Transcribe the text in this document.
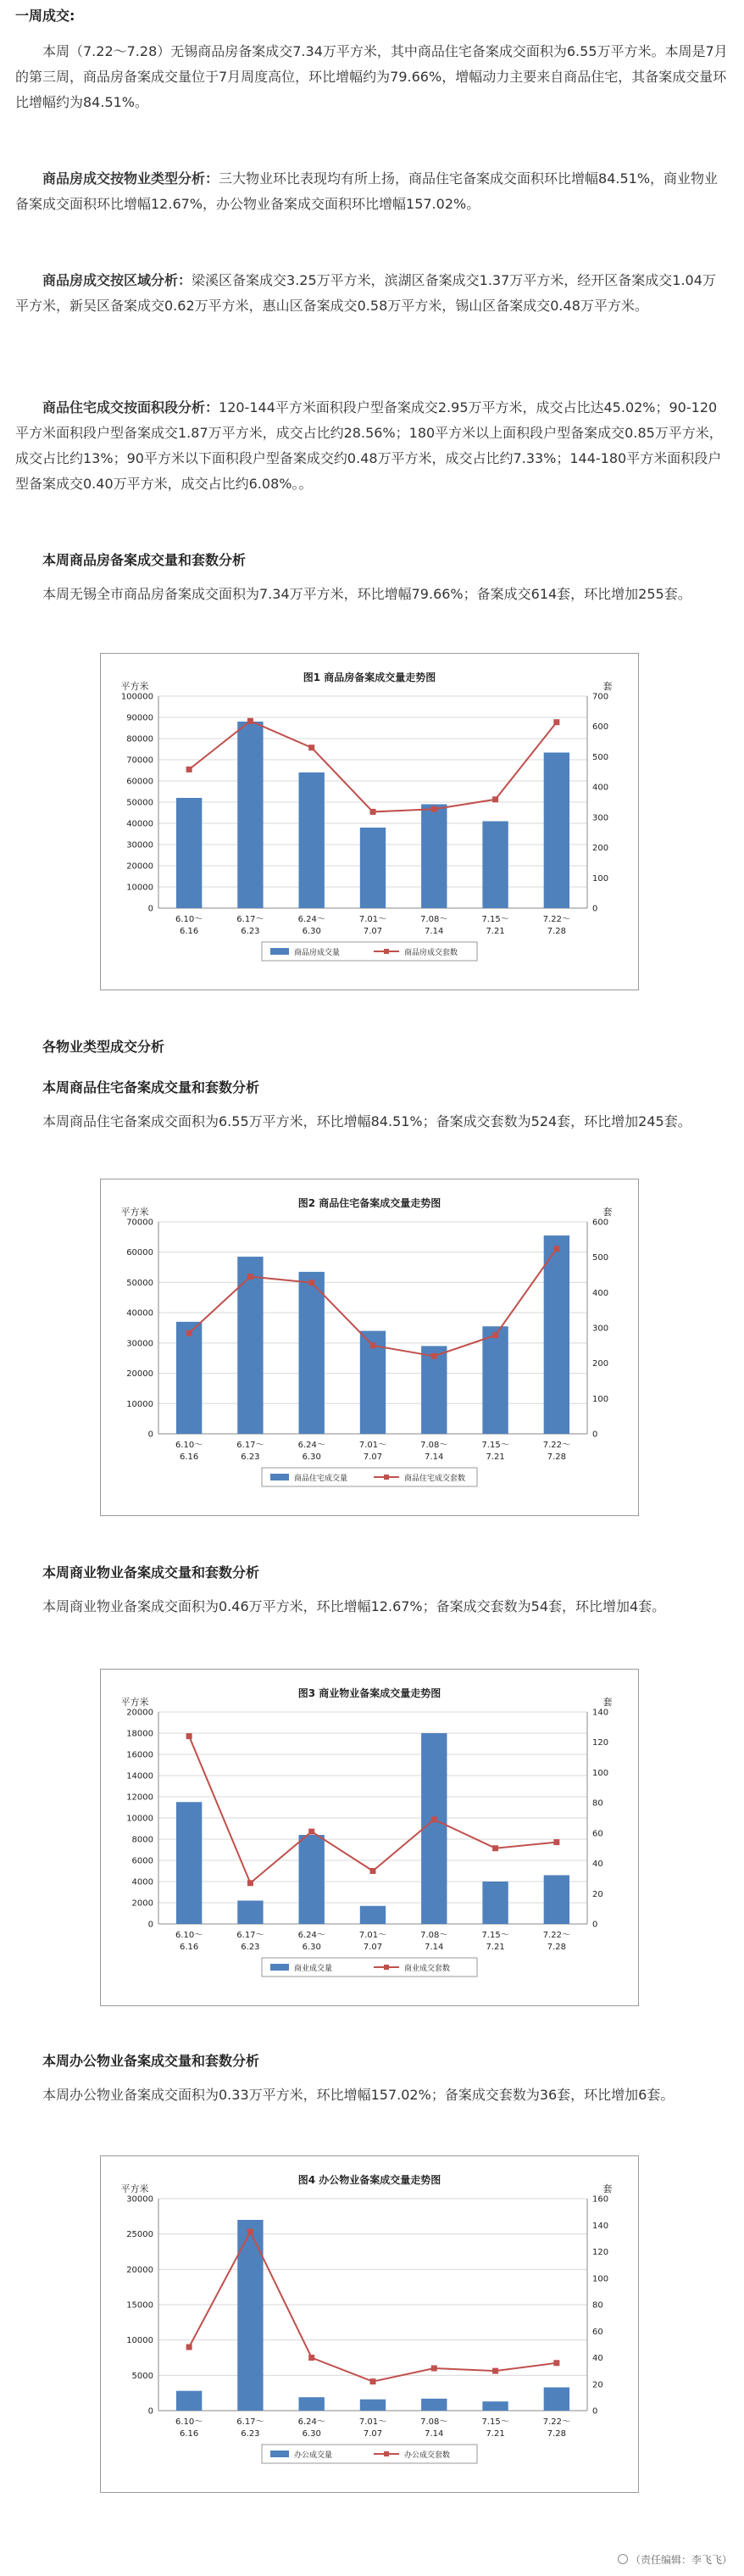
一周成交:
本周（7.22～7.28）无锡商品房备案成交7.34万平方米，其中商品住宅备案成交面积为6.55万平方米。本周是7月的第三周，商品房备案成交量位于7月周度高位，环比增幅约为79.66%，增幅动力主要来自商品住宅，其备案成交量环比增幅约为84.51%。
商品房成交按物业类型分析：三大物业环比表现均有所上扬，商品住宅备案成交面积环比增幅84.51%，商业物业备案成交面积环比增幅12.67%，办公物业备案成交面积环比增幅157.02%。
商品房成交按区域分析：梁溪区备案成交3.25万平方米，滨湖区备案成交1.37万平方米，经开区备案成交1.04万平方米，新吴区备案成交0.62万平方米，惠山区备案成交0.58万平方米，锡山区备案成交0.48万平方米。
商品住宅成交按面积段分析：120-144平方米面积段户型备案成交2.95万平方米，成交占比达45.02%；90-120平方米面积段户型备案成交1.87万平方米，成交占比约28.56%；180平方米以上面积段户型备案成交0.85万平方米，成交占比约13%；90平方米以下面积段户型备案成交约0.48万平方米，成交占比约7.33%；144-180平方米面积段户型备案成交0.40万平方米，成交占比约6.08%。。
本周商品房备案成交量和套数分析
本周无锡全市商品房备案成交面积为7.34万平方米，环比增幅79.66%；备案成交614套，环比增加255套。
图1 商品房备案成交量走势图
平方米	套
0
10000
20000
30000
40000
50000
60000
70000
80000
90000
100000
0
100
200
300
400
500
600
700
6.10～
6.16
6.17～
6.23
6.24～
6.30
7.01～
7.07
7.08～
7.14
7.15～
7.21
7.22～
7.28
商品房成交量	商品房成交套数
各物业类型成交分析
本周商品住宅备案成交量和套数分析
本周商品住宅备案成交面积为6.55万平方米，环比增幅84.51%；备案成交套数为524套，环比增加245套。
图2 商品住宅备案成交量走势图
平方米	套
0
10000
20000
30000
40000
50000
60000
70000
0
100
200
300
400
500
600
6.10～
6.16
6.17～
6.23
6.24～
6.30
7.01～
7.07
7.08～
7.14
7.15～
7.21
7.22～
7.28
商品住宅成交量	商品住宅成交套数
本周商业物业备案成交量和套数分析
本周商业物业备案成交面积为0.46万平方米，环比增幅12.67%；备案成交套数为54套，环比增加4套。
图3 商业物业备案成交量走势图
平方米	套
0
2000
4000
6000
8000
10000
12000
14000
16000
18000
20000
0
20
40
60
80
100
120
140
6.10～
6.16
6.17～
6.23
6.24～
6.30
7.01～
7.07
7.08～
7.14
7.15～
7.21
7.22～
7.28
商业成交量	商业成交套数
本周办公物业备案成交量和套数分析
本周办公物业备案成交面积为0.33万平方米，环比增幅157.02%；备案成交套数为36套，环比增加6套。
图4 办公物业备案成交量走势图
平方米	套
0
5000
10000
15000
20000
25000
30000
0
20
40
60
80
100
120
140
160
6.10～
6.16
6.17～
6.23
6.24～
6.30
7.01～
7.07
7.08～
7.14
7.15～
7.21
7.22～
7.28
办公成交量	办公成交套数
（责任编辑：李飞飞）
